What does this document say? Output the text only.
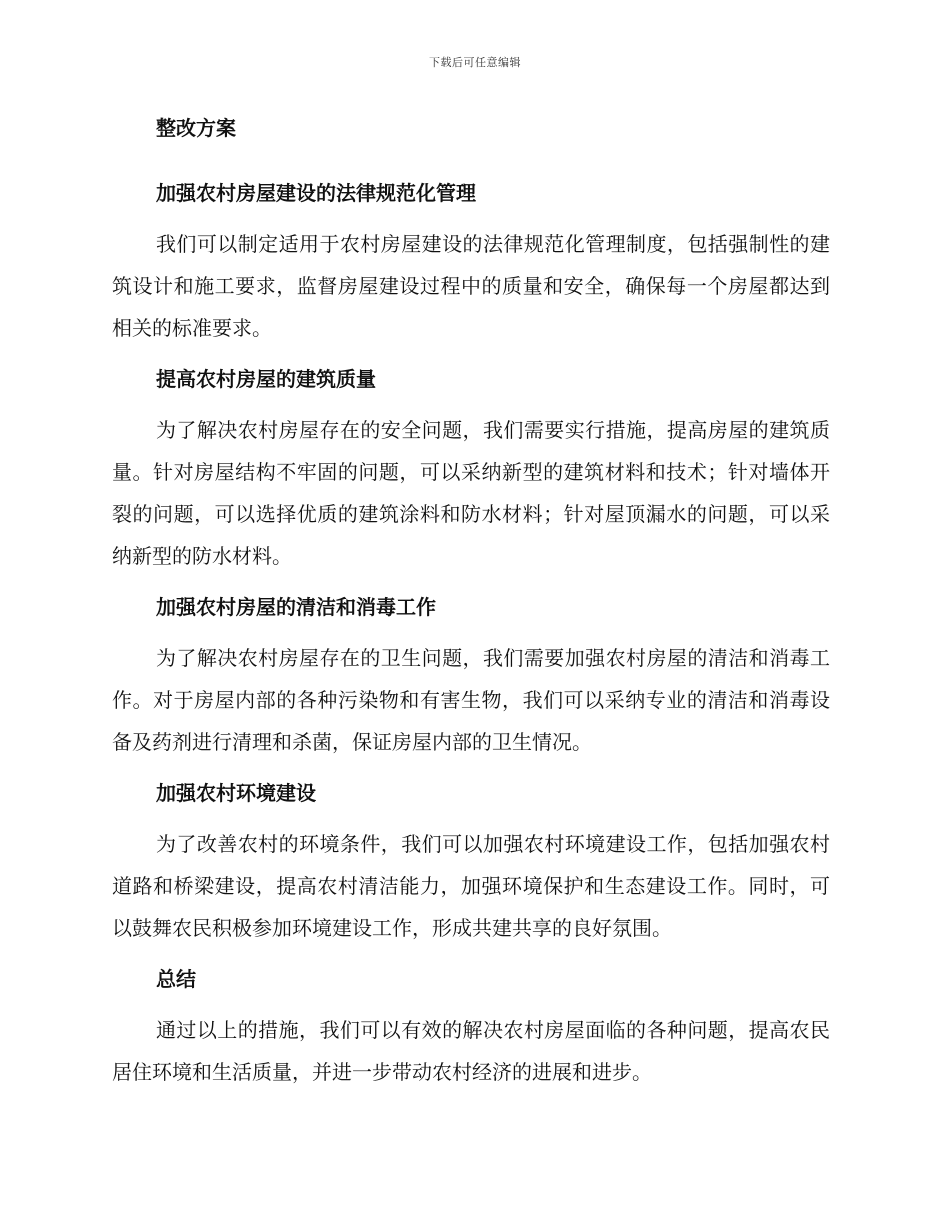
下载后可任意编辑

整改方案

加强农村房屋建设的法律规范化管理

我们可以制定适用于农村房屋建设的法律规范化管理制度，包括强制性的建筑设计和施工要求，监督房屋建设过程中的质量和安全，确保每一个房屋都达到相关的标准要求。

提高农村房屋的建筑质量

为了解决农村房屋存在的安全问题，我们需要实行措施，提高房屋的建筑质量。针对房屋结构不牢固的问题，可以采纳新型的建筑材料和技术；针对墙体开裂的问题，可以选择优质的建筑涂料和防水材料；针对屋顶漏水的问题，可以采纳新型的防水材料。

加强农村房屋的清洁和消毒工作

为了解决农村房屋存在的卫生问题，我们需要加强农村房屋的清洁和消毒工作。对于房屋内部的各种污染物和有害生物，我们可以采纳专业的清洁和消毒设备及药剂进行清理和杀菌，保证房屋内部的卫生情况。

加强农村环境建设

为了改善农村的环境条件，我们可以加强农村环境建设工作，包括加强农村道路和桥梁建设，提高农村清洁能力，加强环境保护和生态建设工作。同时，可以鼓舞农民积极参加环境建设工作，形成共建共享的良好氛围。

总结

通过以上的措施，我们可以有效的解决农村房屋面临的各种问题，提高农民居住环境和生活质量，并进一步带动农村经济的进展和进步。
